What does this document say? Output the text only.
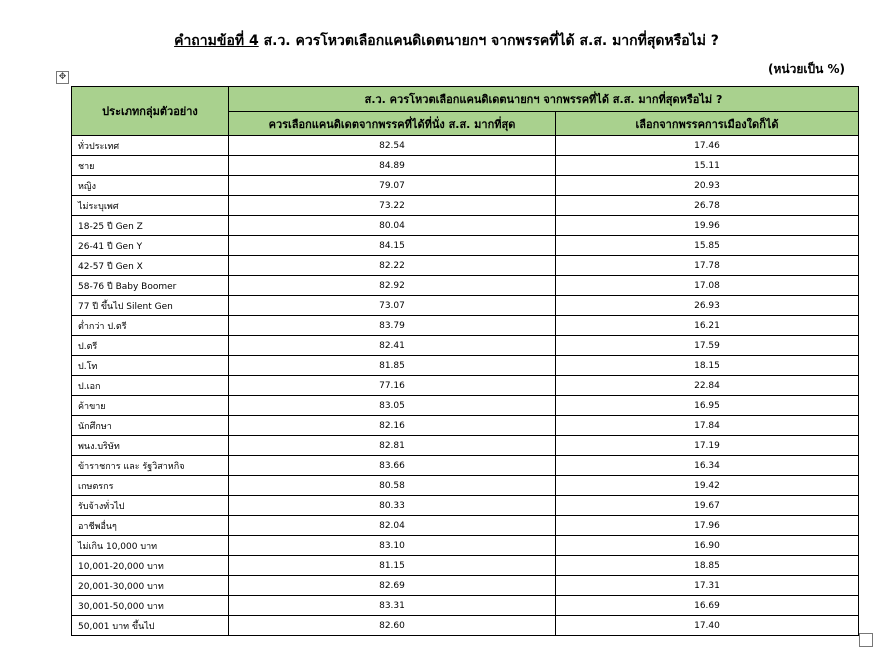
คำถามข้อที่ 4 ส.ว. ควรโหวตเลือกแคนดิเดตนายกฯ จากพรรคที่ได้ ส.ส. มากที่สุดหรือไม่ ?
(หน่วยเป็น %)
✥
ประเภทกลุ่มตัวอย่าง	ส.ว. ควรโหวตเลือกแคนดิเดตนายกฯ จากพรรคที่ได้ ส.ส. มากที่สุดหรือไม่ ?	
	ควรเลือกแคนดิเดตจากพรรคที่ได้ที่นั่ง ส.ส. มากที่สุด	เลือกจากพรรคการเมืองใดก็ได้
ทั่วประเทศ	82.54	17.46
ชาย	84.89	15.11
หญิง	79.07	20.93
ไม่ระบุเพศ	73.22	26.78
18-25 ปี Gen Z	80.04	19.96
26-41 ปี Gen Y	84.15	15.85
42-57 ปี Gen X	82.22	17.78
58-76 ปี Baby Boomer	82.92	17.08
77 ปี ขึ้นไป Silent Gen	73.07	26.93
ต่ำกว่า ป.ตรี	83.79	16.21
ป.ตรี	82.41	17.59
ป.โท	81.85	18.15
ป.เอก	77.16	22.84
ค้าขาย	83.05	16.95
นักศึกษา	82.16	17.84
พนง.บริษัท	82.81	17.19
ข้าราชการ และ รัฐวิสาหกิจ	83.66	16.34
เกษตรกร	80.58	19.42
รับจ้างทั่วไป	80.33	19.67
อาชีพอื่นๆ	82.04	17.96
ไม่เกิน 10,000 บาท	83.10	16.90
10,001-20,000 บาท	81.15	18.85
20,001-30,000 บาท	82.69	17.31
30,001-50,000 บาท	83.31	16.69
50,001 บาท ขึ้นไป	82.60	17.40
